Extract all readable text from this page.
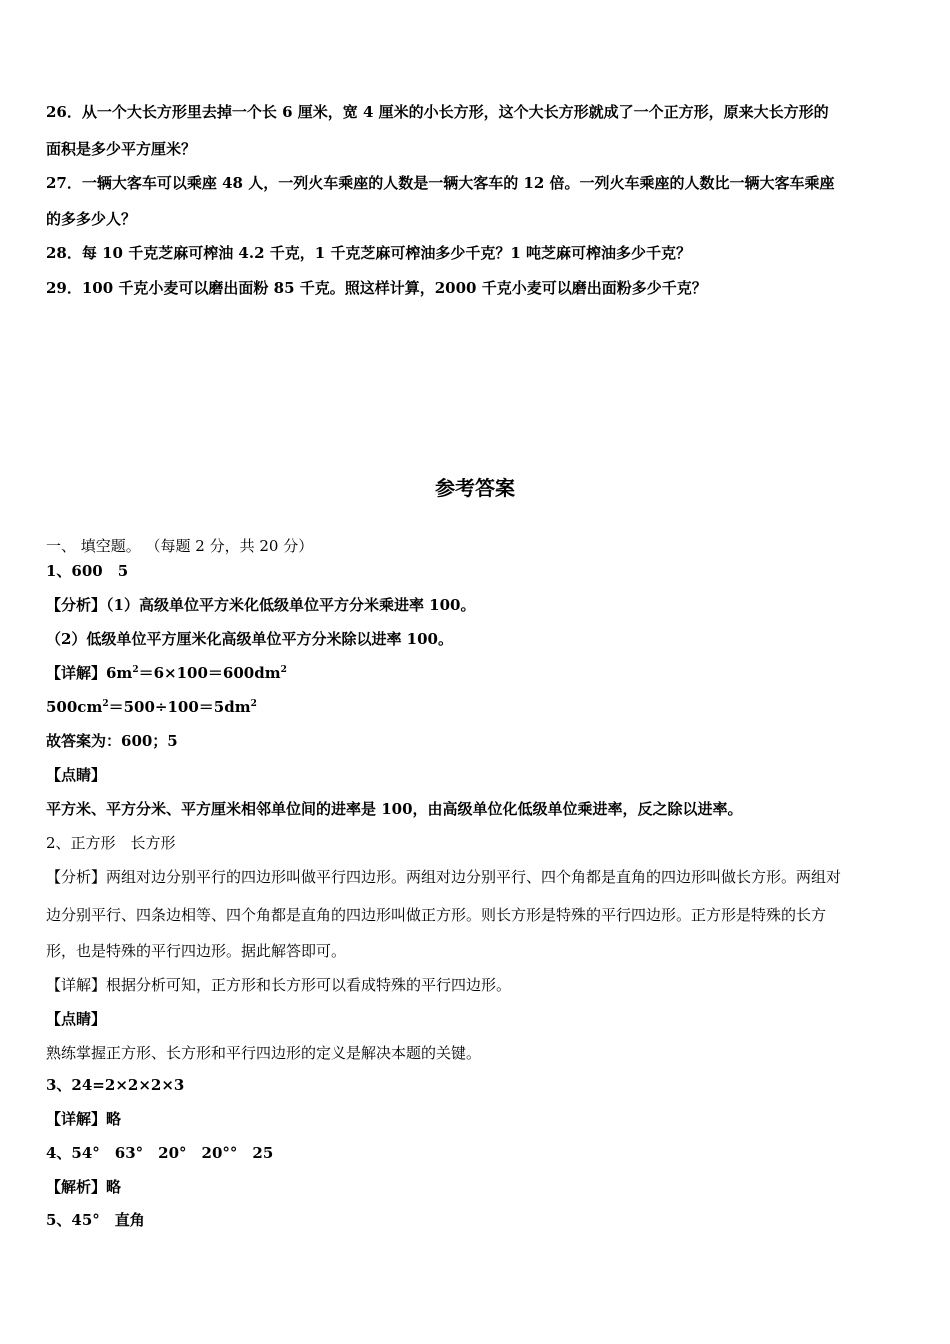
26．从一个大长方形里去掉一个长 6 厘米，宽 4 厘米的小长方形，这个大长方形就成了一个正方形，原来大长方形的
面积是多少平方厘米？
27．一辆大客车可以乘座 48 人，一列火车乘座的人数是一辆大客车的 12 倍。一列火车乘座的人数比一辆大客车乘座
的多多少人？
28．每 10 千克芝麻可榨油 4.2 千克，1 千克芝麻可榨油多少千克？1 吨芝麻可榨油多少千克？
29．100 千克小麦可以磨出面粉 85 千克。照这样计算，2000 千克小麦可以磨出面粉多少千克？
参考答案
一、 填空题。 （每题 2 分，共 20 分）
1、600　5
【分析】（1）高级单位平方米化低级单位平方分米乘进率 100。
（2）低级单位平方厘米化高级单位平方分米除以进率 100。
【详解】$6m^2=6\times 100=600dm^2$
$500cm^2=500\div 100=5dm^2$
故答案为：600；5
【点睛】
平方米、平方分米、平方厘米相邻单位间的进率是 100，由高级单位化低级单位乘进率，反之除以进率。
2、正方形　长方形
【分析】两组对边分别平行的四边形叫做平行四边形。两组对边分别平行、四个角都是直角的四边形叫做长方形。两组对
边分别平行、四条边相等、四个角都是直角的四边形叫做正方形。则长方形是特殊的平行四边形。正方形是特殊的长方
形，也是特殊的平行四边形。据此解答即可。
【详解】根据分析可知，正方形和长方形可以看成特殊的平行四边形。
【点睛】
熟练掌握正方形、长方形和平行四边形的定义是解决本题的关键。
3、24=2×2×2×3
【详解】略
4、54°　63°　20°　20°°　25
【解析】略
5、45°　直角
